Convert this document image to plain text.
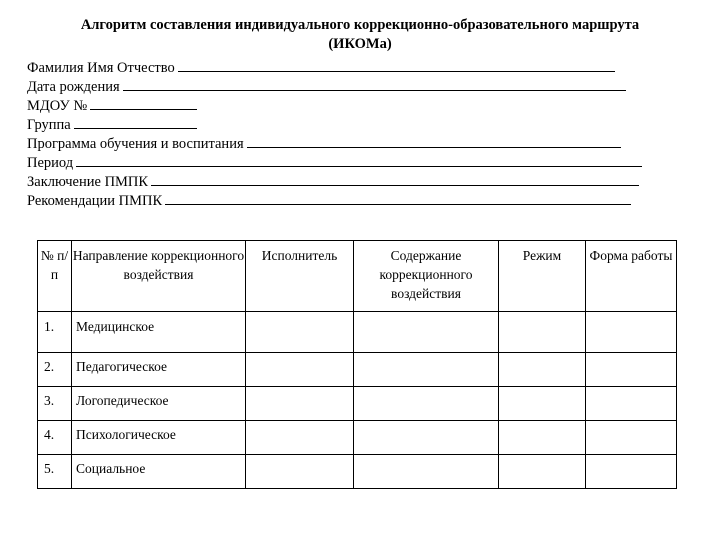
Алгоритм составления индивидуального коррекционно-образовательного маршрута
(ИКОМа)
Фамилия Имя Отчество
Дата рождения
МДОУ №
Группа
Программа обучения и воспитания
Период
Заключение ПМПК
Рекомендации ПМПК
№ п/ п	Направление коррекционного воздействия	Исполнитель	Содержание коррекционного воздействия	Режим	Форма работы
1.	Медицинское				
2.	Педагогическое				
3.	Логопедическое				
4.	Психологическое				
5.	Социальное				
